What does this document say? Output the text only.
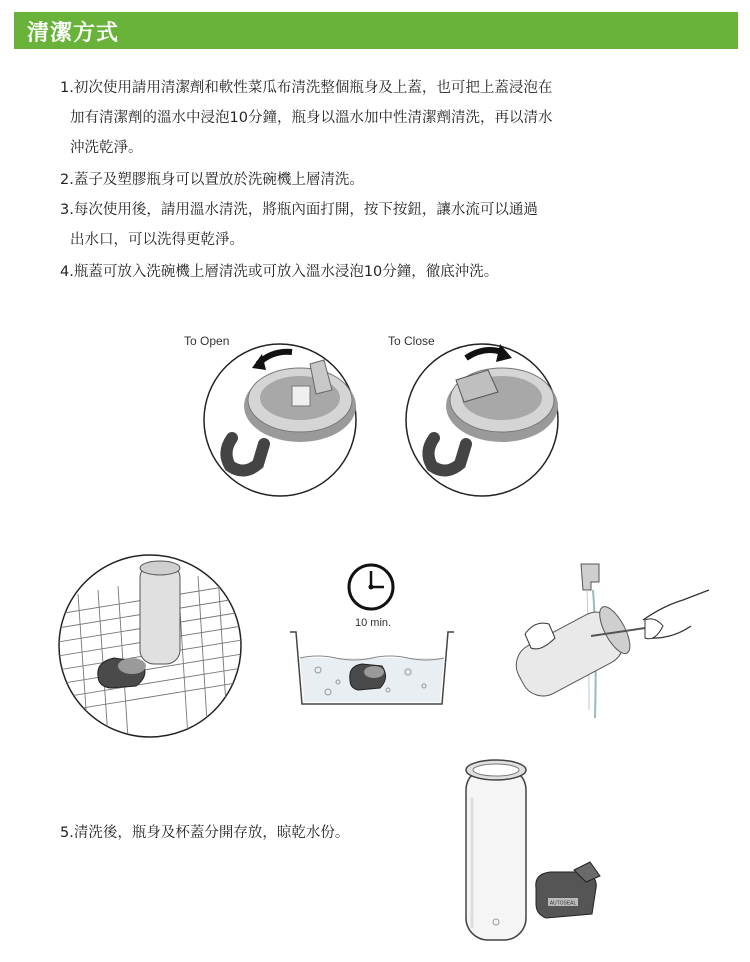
清潔方式
1.初次使用請用清潔劑和軟性菜瓜布清洗整個瓶身及上蓋，也可把上蓋浸泡在
加有清潔劑的溫水中浸泡10分鐘，瓶身以溫水加中性清潔劑清洗，再以清水
沖洗乾淨。
2.蓋子及塑膠瓶身可以置放於洗碗機上層清洗。
3.每次使用後，請用溫水清洗，將瓶內面打開，按下按鈕，讓水流可以通過
出水口，可以洗得更乾淨。
4.瓶蓋可放入洗碗機上層清洗或可放入溫水浸泡10分鐘，徹底沖洗。
To Open	To Close
10 min.
5.清洗後，瓶身及杯蓋分開存放，晾乾水份。
AUTOSEAL
